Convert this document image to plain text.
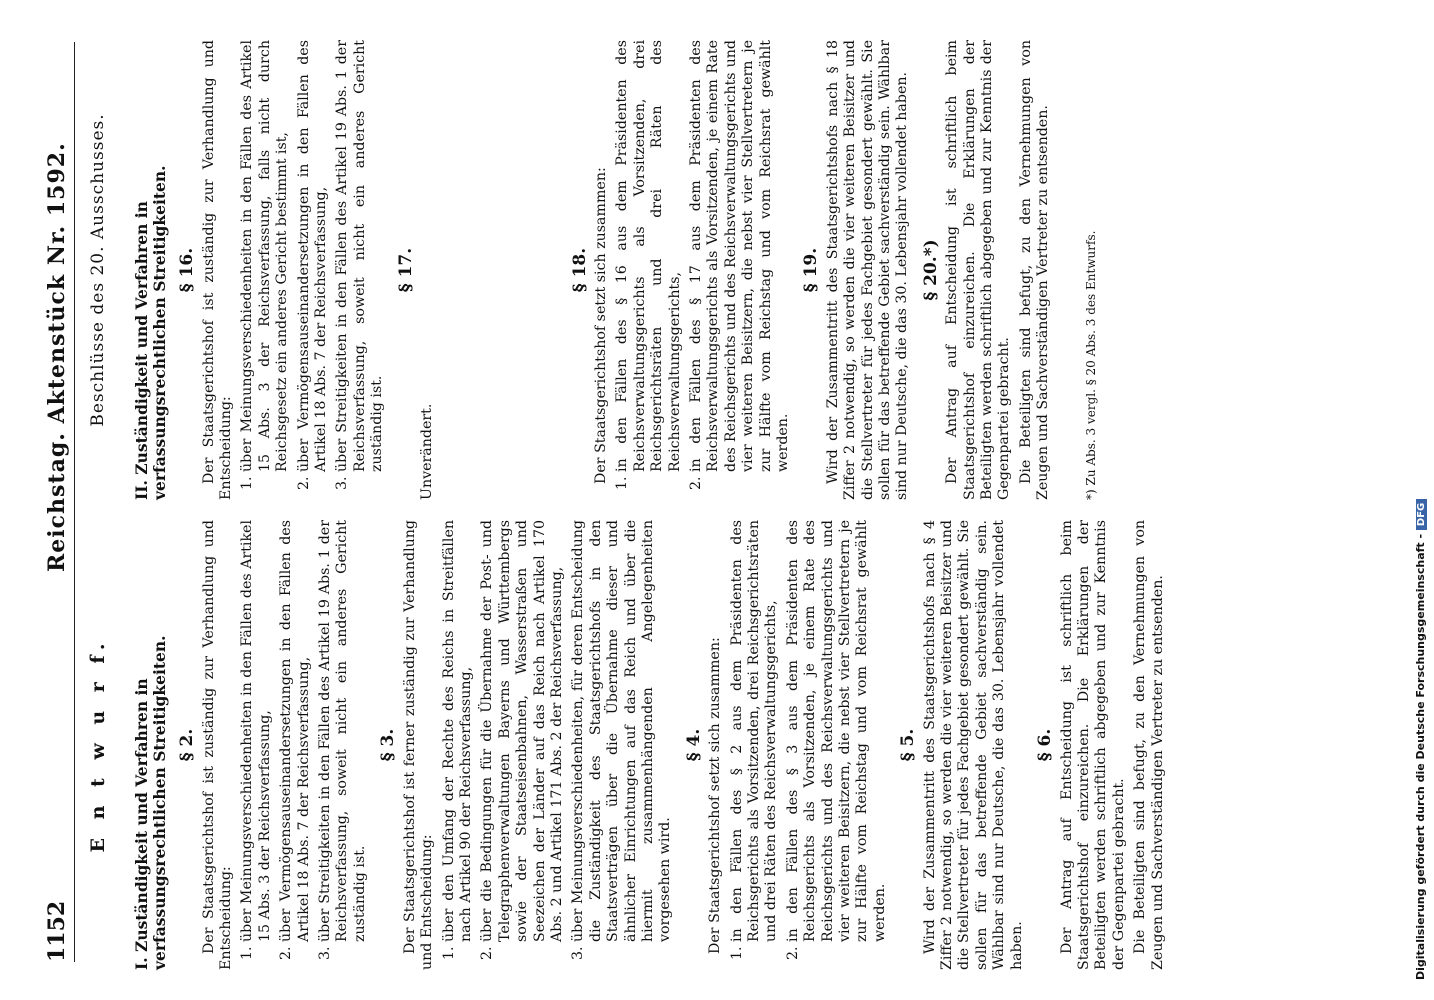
1152
Reichstag. Aktenstück Nr. 1592.
E n t w u r f. I. Zuständigkeit und Verfahren in verfassungsrechtlichen Streitigkeiten. § 2. Der Staatsgerichtshof ist zuständig zur Verhandlung und Entscheidung: 1. über Meinungsverschiedenheiten in den Fällen des Artikel 15 Abs. 3 der Reichsverfassung, 2. über Vermögensauseinandersetzungen in den Fällen des Artikel 18 Abs. 7 der Reichsverfassung, 3. über Streitigkeiten in den Fällen des Artikel 19 Abs. 1 der Reichsverfassung, soweit nicht ein anderes Gericht zuständig ist.
§ 3. Der Staatsgerichtshof ist ferner zuständig zur Verhandlung und Entscheidung: 1. über den Umfang der Rechte des Reichs in Streitfällen nach Artikel 90 der Reichsverfassung, 2. über die Bedingungen für die Übernahme der Post- und Telegraphenverwaltungen Bayerns und Württembergs sowie der Staatseisenbahnen, Wasserstraßen und Seezeichen der Länder auf das Reich nach Artikel 170 Abs. 2 und Artikel 171 Abs. 2 der Reichsverfassung, 3. über Meinungsverschiedenheiten, für deren Entscheidung die Zuständigkeit des Staatsgerichtshofs in den Staatsverträgen über die Übernahme dieser und ähnlicher Einrichtungen auf das Reich und über die hiermit zusammenhängenden Angelegenheiten vorgesehen wird.
§ 4. Der Staatsgerichtshof setzt sich zusammen: 1. in den Fällen des § 2 aus dem Präsidenten des Reichsgerichts als Vorsitzenden, drei Reichsgerichtsräten und drei Räten des Reichsverwaltungsgerichts, 2. in den Fällen des § 3 aus dem Präsidenten des Reichsgerichts als Vorsitzenden, je einem Rate des Reichsgerichts und des Reichsverwaltungsgerichts und vier weiteren Beisitzern, die nebst vier Stellvertretern je zur Hälfte vom Reichstag und vom Reichsrat gewählt werden.
§ 5. Wird der Zusammentritt des Staatsgerichtshofs nach § 4 Ziffer 2 notwendig, so werden die vier weiteren Beisitzer und die Stellvertreter für jedes Fachgebiet gesondert gewählt. Sie sollen für das betreffende Gebiet sachverständig sein. Wählbar sind nur Deutsche, die das 30. Lebensjahr vollendet haben.

§ 6. Der Antrag auf Entscheidung ist schriftlich beim Staatsgerichtshof einzureichen. Die Erklärungen der Beteiligten werden schriftlich abgegeben und zur Kenntnis der Gegenpartei gebracht. Die Beteiligten sind befugt, zu den Vernehmungen von Zeugen und Sachverständigen Vertreter zu entsenden.

Beschlüsse des 20. Ausschusses. II. Zuständigkeit und Verfahren in verfassungsrechtlichen Streitigkeiten. § 16. Der Staatsgerichtshof ist zuständig zur Verhandlung und Entscheidung: 1. über Meinungsverschiedenheiten in den Fällen des Artikel 15 Abs. 3 der Reichsverfassung, falls nicht durch Reichsgesetz ein anderes Gericht bestimmt ist, 2. über Vermögensauseinandersetzungen in den Fällen des Artikel 18 Abs. 7 der Reichsverfassung, 3. über Streitigkeiten in den Fällen des Artikel 19 Abs. 1 der Reichsverfassung, soweit nicht ein anderes Gericht zuständig ist.
§ 17.

Unverändert.

§ 18. Der Staatsgerichtshof setzt sich zusammen: 1. in den Fällen des § 16 aus dem Präsidenten des Reichsverwaltungsgerichts als Vorsitzenden, drei Reichsgerichtsräten und drei Räten des Reichsverwaltungsgerichts, 2. in den Fällen des § 17 aus dem Präsidenten des Reichsverwaltungsgerichts als Vorsitzenden, je einem Rate des Reichsgerichts und des Reichsverwaltungsgerichts und vier weiteren Beisitzern, die nebst vier Stellvertretern je zur Hälfte vom Reichstag und vom Reichsrat gewählt werden.
§ 19. Wird der Zusammentritt des Staatsgerichtshofs nach § 18 Ziffer 2 notwendig, so werden die vier weiteren Beisitzer und die Stellvertreter für jedes Fachgebiet gesondert gewählt. Sie sollen für das betreffende Gebiet sachverständig sein. Wählbar sind nur Deutsche, die das 30. Lebensjahr vollendet haben. § 20.*) Der Antrag auf Entscheidung ist schriftlich beim Staatsgerichtshof einzureichen. Die Erklärungen der Beteiligten werden schriftlich abgegeben und zur Kenntnis der Gegenpartei gebracht. Die Beteiligten sind befugt, zu den Vernehmungen von Zeugen und Sachverständigen Vertreter zu entsenden.	*) Zu Abs. 3 vergl. § 20 Abs. 3 des Entwurfs.
Digitalisierung gefördert durch die Deutsche Forschungsgemeinschaft - DFG
